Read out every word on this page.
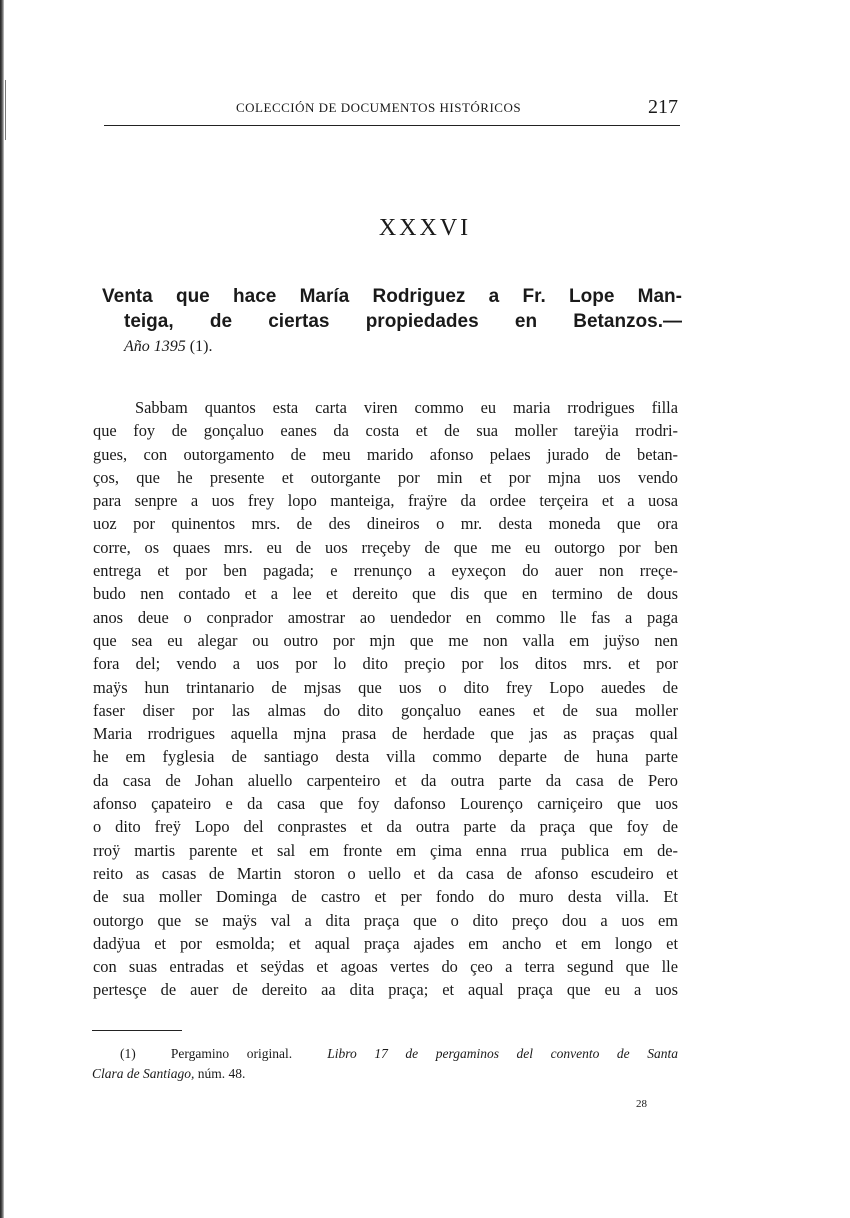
COLECCIÓN DE DOCUMENTOS HISTÓRICOS	217
XXXVI
Venta que hace María Rodriguez a Fr. Lope Man-
teiga, de ciertas propiedades en Betanzos.—
Año 1395 (1).
Sabbam quantos esta carta viren commo eu maria rrodrigues filla
que foy de gonçaluo eanes da costa et de sua moller tareÿia rrodri-
gues, con outorgamento de meu marido afonso pelaes jurado de betan-
ços, que he presente et outorgante por min et por mjna uos vendo
para senpre a uos frey lopo manteiga, fraÿre da ordee terçeira et a uosa
uoz por quinentos mrs. de des dineiros o mr. desta moneda que ora
corre, os quaes mrs. eu de uos rreçeby de que me eu outorgo por ben
entrega et por ben pagada; e rrenunço a eyxeçon do auer non rreçe-
budo nen contado et a lee et dereito que dis que en termino de dous
anos deue o conprador amostrar ao uendedor en commo lle fas a paga
que sea eu alegar ou outro por mjn que me non valla em juÿso nen
fora del; vendo a uos por lo dito preçio por los ditos mrs. et por
maÿs hun trintanario de mjsas que uos o dito frey Lopo auedes de
faser diser por las almas do dito gonçaluo eanes et de sua moller
Maria rrodrigues aquella mjna prasa de herdade que jas as praças qual
he em fyglesia de santiago desta villa commo departe de huna parte
da casa de Johan aluello carpenteiro et da outra parte da casa de Pero
afonso çapateiro e da casa que foy dafonso Lourenço carniçeiro que uos
o dito freÿ Lopo del conprastes et da outra parte da praça que foy de
rroÿ martis parente et sal em fronte em çima enna rrua publica em de-
reito as casas de Martin storon o uello et da casa de afonso escudeiro et
de sua moller Dominga de castro et per fondo do muro desta villa. Et
outorgo que se maÿs val a dita praça que o dito preço dou a uos em
dadÿua et por esmolda; et aqual praça ajades em ancho et em longo et
con suas entradas et seÿdas et agoas vertes do çeo a terra segund que lle
pertesçe de auer de dereito aa dita praça; et aqual praça que eu a uos
(1)	Pergamino original.	Libro 17 de pergaminos del convento de Santa
Clara de Santiago, núm. 48.
28
